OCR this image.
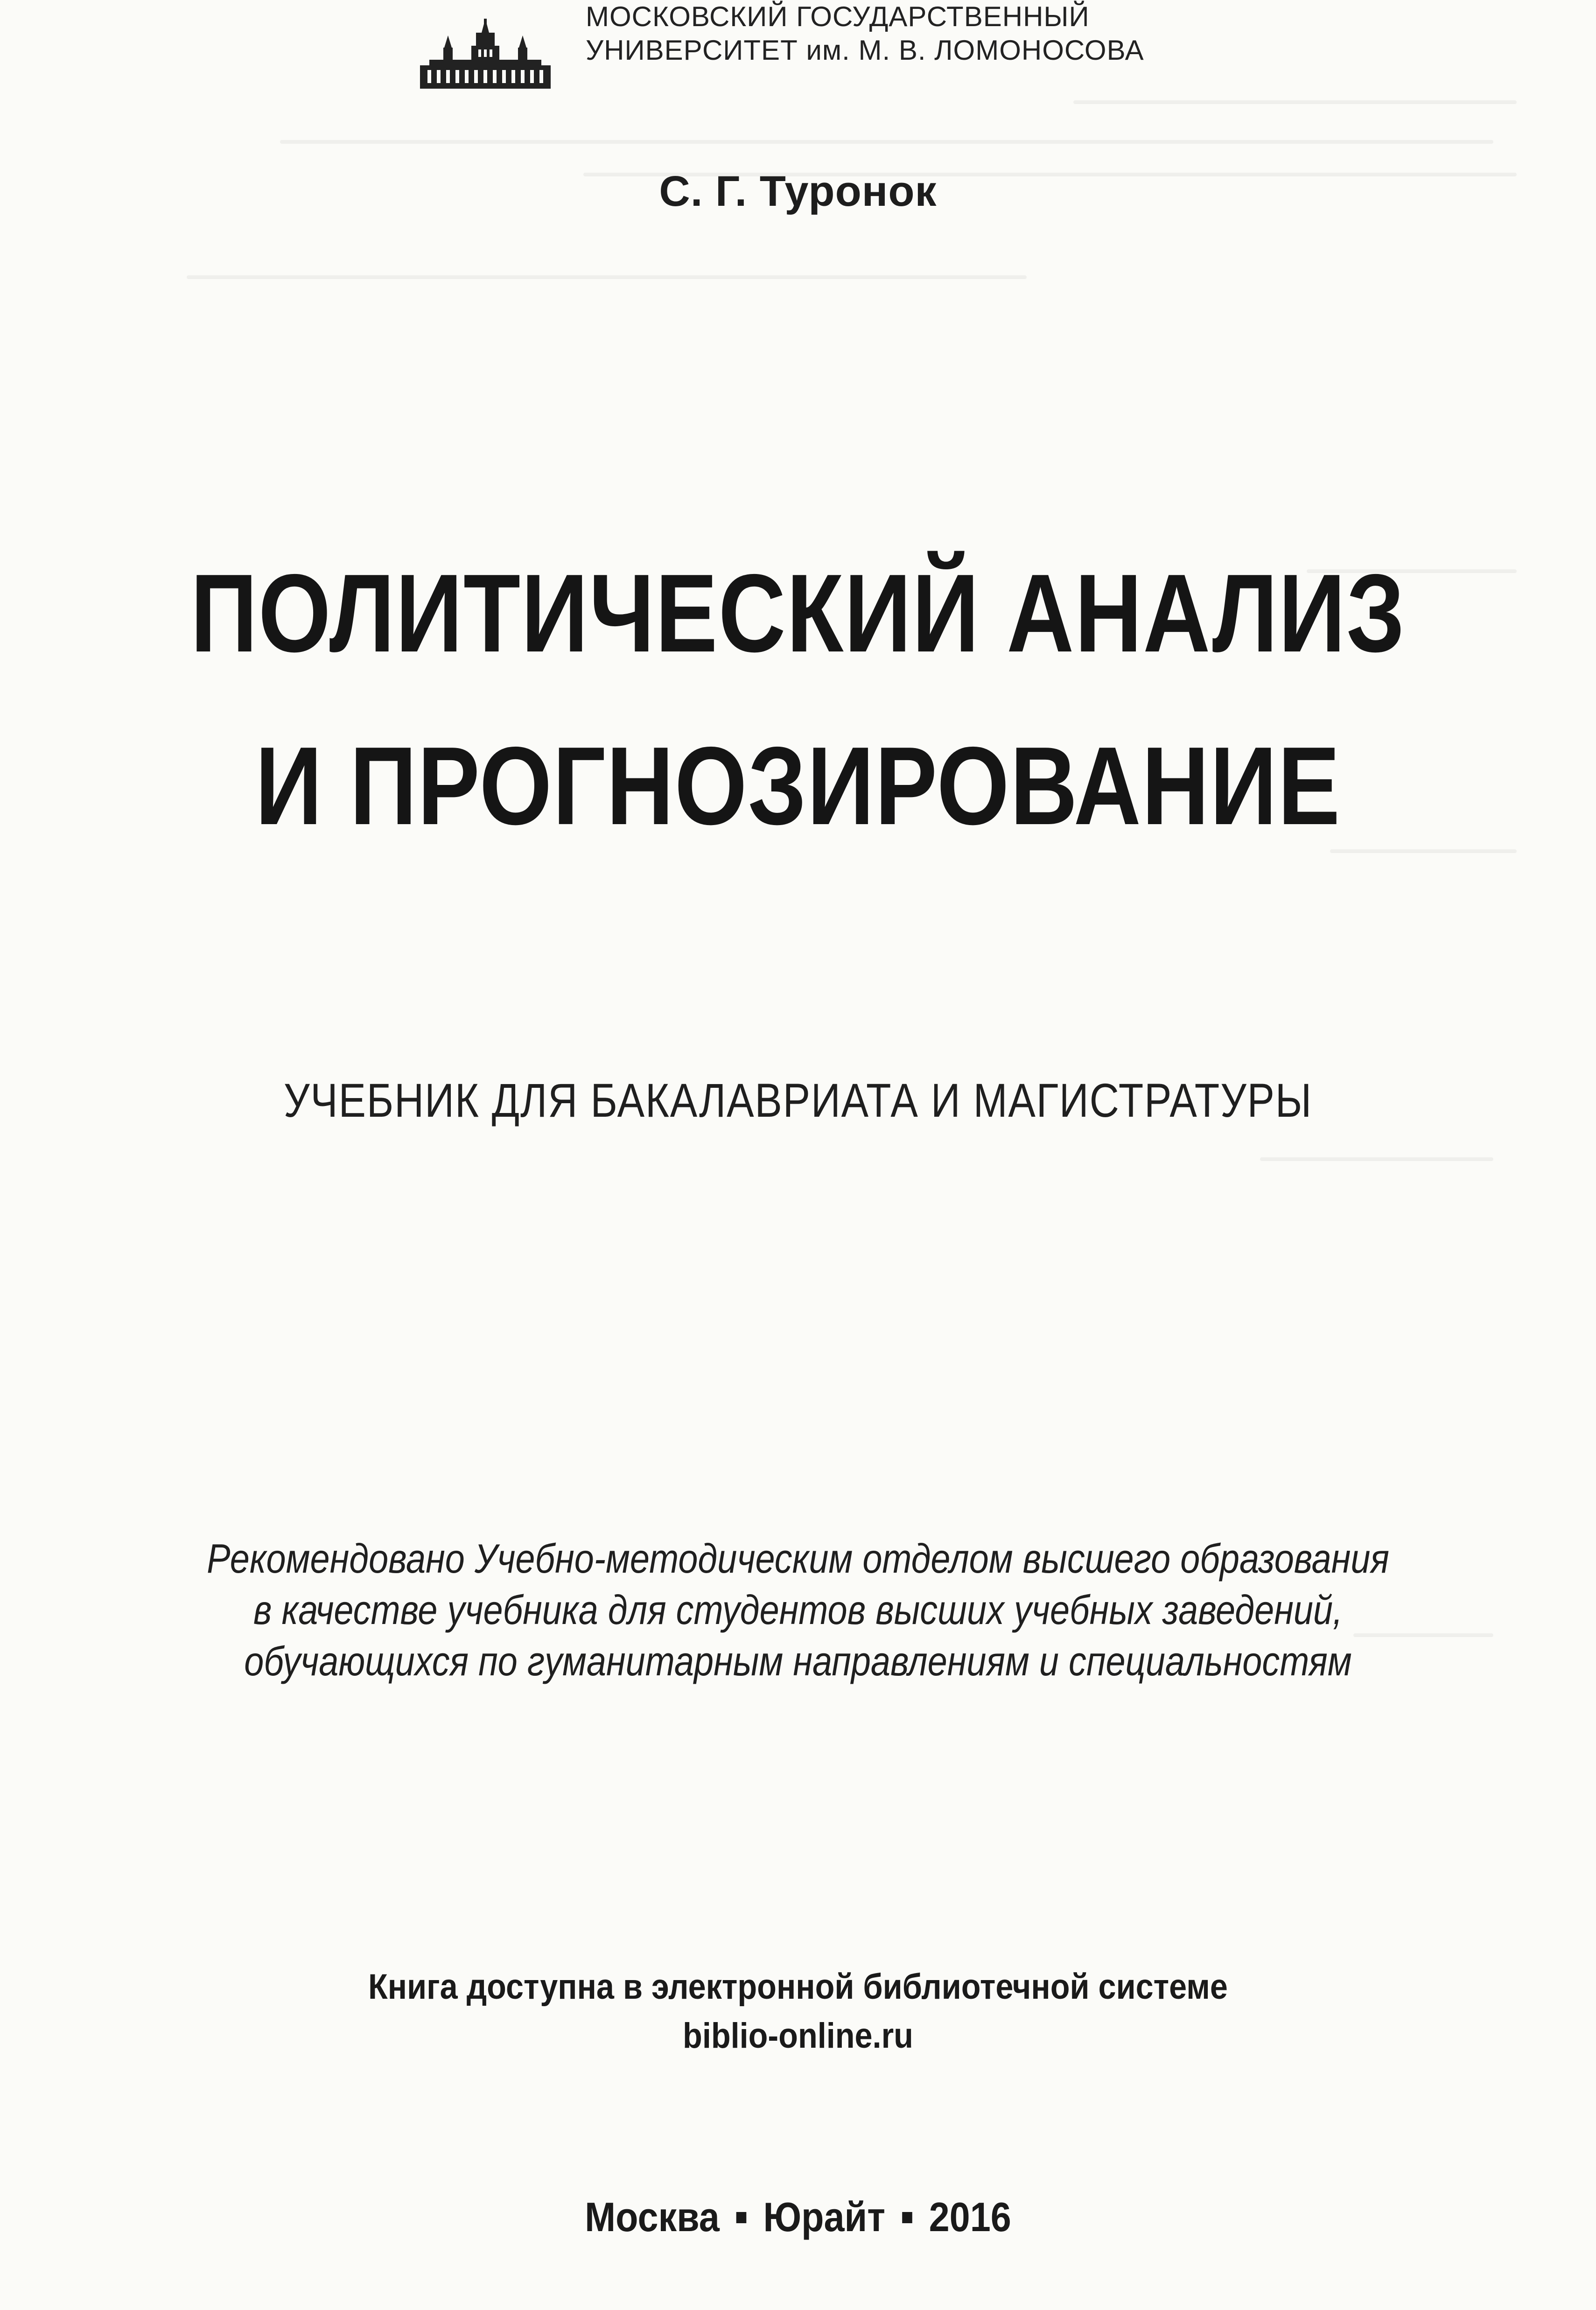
МОСКОВСКИЙ ГОСУДАРСТВЕННЫЙ
УНИВЕРСИТЕТ им. М. В. ЛОМОНОСОВА
С. Г. Туронок
ПОЛИТИЧЕСКИЙ АНАЛИЗ
И ПРОГНОЗИРОВАНИЕ
УЧЕБНИК ДЛЯ БАКАЛАВРИАТА И МАГИСТРАТУРЫ
Рекомендовано Учебно-методическим отделом высшего образования
в качестве учебника для студентов высших учебных заведений,
обучающихся по гуманитарным направлениям и специальностям
Книга доступна в электронной библиотечной системе
biblio-online.ru
Москва Юрайт 2016
